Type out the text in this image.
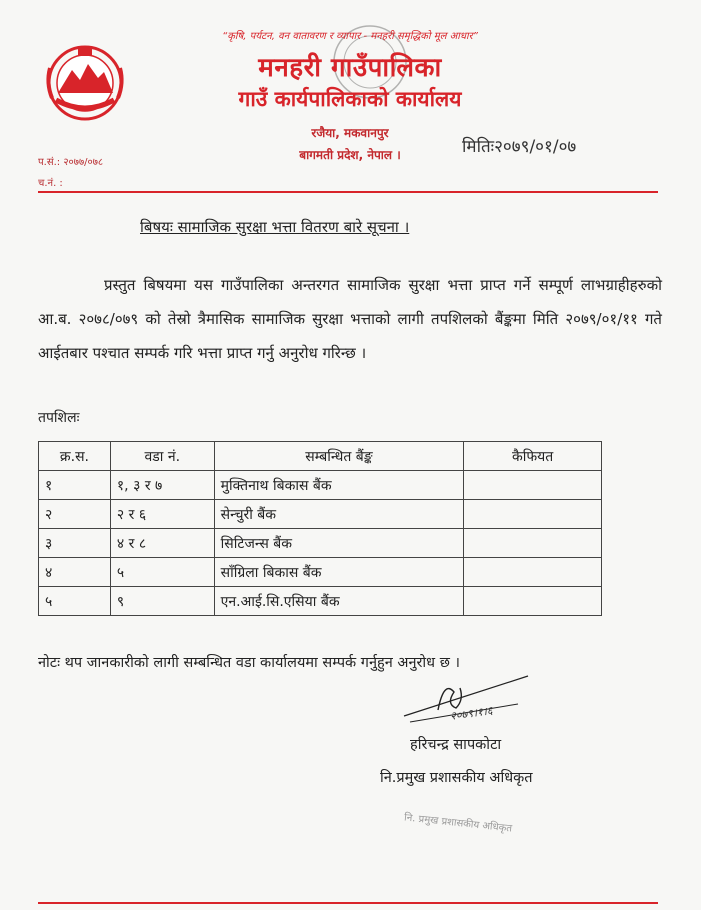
“कृषि, पर्यटन, वन वातावरण र व्यापार - मनहरी समृद्धिको मूल आधार”
मनहरी गाउँपालिका
गाउँ कार्यपालिकाको कार्यालय
रजैया, मकवानपुर
बागमती प्रदेश, नेपाल ।	मितिः२०७९/०१/०७
प.सं.: २०७७/०७८
च.नं. :
बिषयः सामाजिक सुरक्षा भत्ता वितरण बारे सूचना ।
प्रस्तुत बिषयमा यस गाउँपालिका अन्तरगत सामाजिक सुरक्षा भत्ता प्राप्त गर्ने सम्पूर्ण लाभग्राहीहरुको आ.ब. २०७८/०७९ को तेस्रो त्रैमासिक सामाजिक सुरक्षा भत्ताको लागी तपशिलको बैंङ्कमा मिति २०७९/०१/११ गते आईतबार पश्चात सम्पर्क गरि भत्ता प्राप्त गर्नु अनुरोध गरिन्छ ।
तपशिलः
क्र.स.	वडा नं.	सम्बन्धित बैंङ्क	कैफियत
१	१, ३ र ७	मुक्तिनाथ बिकास बैंक	
२	२ र ६	सेन्चुरी बैंक	
३	४ र ८	सिटिजन्स बैंक	
४	५	साँग्रिला बिकास बैंक	
५	९	एन.आई.सि.एसिया बैंक	
नोटः थप जानकारीको लागी सम्बन्धित वडा कार्यालयमा सम्पर्क गर्नुहुन अनुरोध छ ।
२०७९।१।६
हरिचन्द्र सापकोटा
नि.प्रमुख प्रशासकीय अधिकृत
नि. प्रमुख प्रशासकीय अधिकृत
